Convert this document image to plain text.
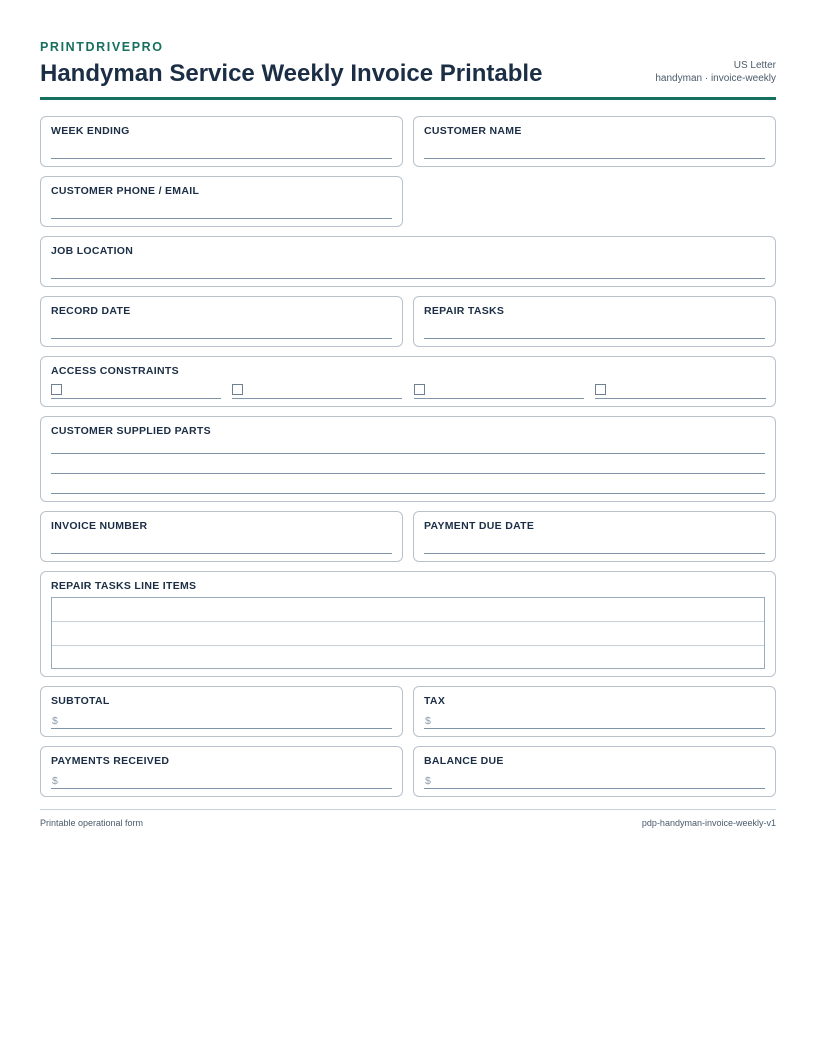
PRINTDRIVEPRO
Handyman Service Weekly Invoice Printable	US Letter
handyman · invoice-weekly
WEEK ENDING	CUSTOMER NAME
CUSTOMER PHONE / EMAIL
JOB LOCATION
RECORD DATE	REPAIR TASKS
ACCESS CONSTRAINTS
CUSTOMER SUPPLIED PARTS
INVOICE NUMBER	PAYMENT DUE DATE
REPAIR TASKS LINE ITEMS
SUBTOTAL
$
TAX
$
PAYMENTS RECEIVED
$
BALANCE DUE
$
Printable operational form	pdp-handyman-invoice-weekly-v1
